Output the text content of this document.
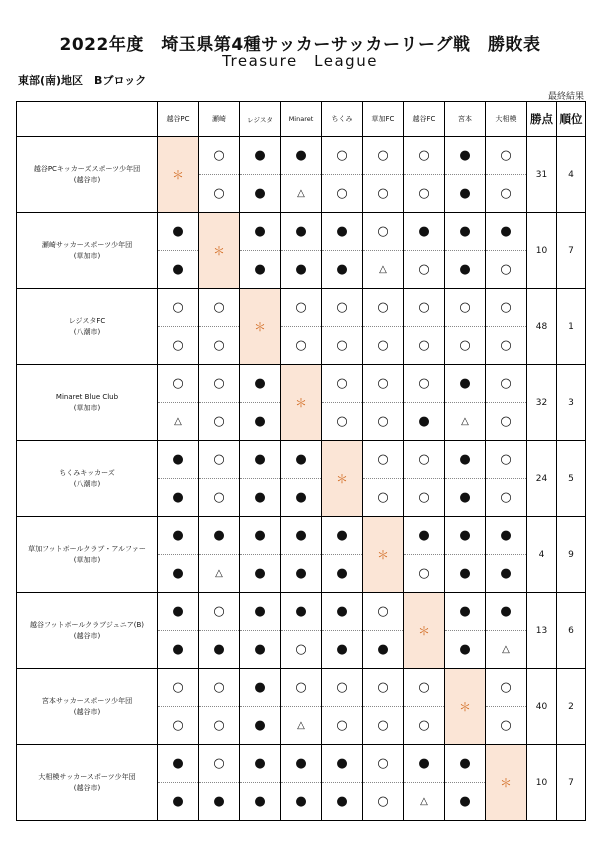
2022年度　埼玉県第4種サッカーサッカーリーグ戦　勝敗表
Treasure　League
東部(南)地区　Bブロック
最終結果
	越谷PC	瀬崎	レジスタ	Minaret	ちくみ	草加FC	越谷FC	宮本	大相模	勝点	順位

越谷PCキッカーズスポーツ少年団
(越谷市)	＊	○	●	●	○	○	○	●	○	31	4
		○	●	△	○	○	○	●	○		

瀬崎サッカースポーツ少年団
(草加市)	●	＊	●	●	●	○	●	●	●	10	7
	●		●	●	●	△	○	●	○		

レジスタFC
(八潮市)	○	○	＊	○	○	○	○	○	○	48	1
	○	○		○	○	○	○	○	○		

Minaret Blue Club
(草加市)	○	○	●	＊	○	○	○	●	○	32	3
	△	○	●		○	○	●	△	○		

ちくみキッカーズ
(八潮市)	●	○	●	●	＊	○	○	●	○	24	5
	●	○	●	●		○	○	●	○		

草加フットボールクラブ・アルファー
(草加市)	●	●	●	●	●	＊	●	●	●	4	9
	●	△	●	●	●		○	●	●		

越谷フットボールクラブジュニア(B)
(越谷市)	●	○	●	●	●	○	＊	●	●	13	6
	●	●	●	○	●	●		●	△		

宮本サッカースポーツ少年団
(越谷市)	○	○	●	○	○	○	○	＊	○	40	2
	○	○	●	△	○	○	○		○		

大相模サッカースポーツ少年団
(越谷市)	●	○	●	●	●	○	●	●	＊	10	7
	●	●	●	●	●	○	△	●			
